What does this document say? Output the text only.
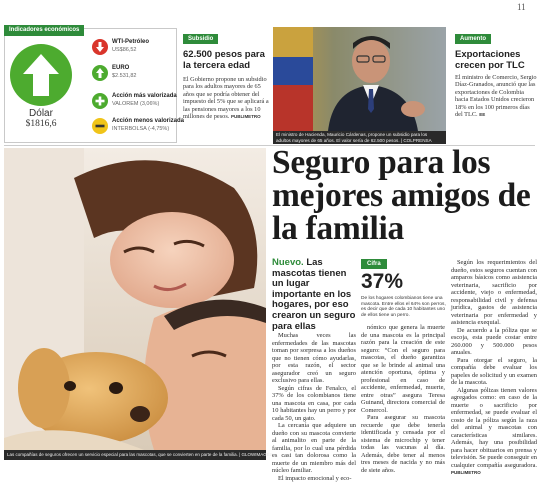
11
Indicadores económicos
Dólar
$1816,6
WTI-Petróleo
US$86,52
EURO
$2.531,82
Acción más valorizada
VALOREM (3,06%)
Acción menos valorizada
INTERBOLSA (-4,75%)
Subsidio
62.500 pesos para la tercera edad
El Gobierno propone un subsidio para los adultos mayores de 65 años que se podría obtener del impuesto del 5% que se aplicará a las pensiones mayores a los 10 millones de pesos. PUBLIMETRO
El ministro de Hacienda, Mauricio Cárdenas, propone un subsidio para los adultos mayores de 65 años. El valor sería de 62.500 pesos. | COLPRENSA
Aumento
Exportaciones crecen por TLC
El ministro de Comercio, Sergio Díaz-Granados, anunció que las exportaciones de Colombia hacia Estados Unidos crecieron 18% en los 100 primeros días del TLC. EE
Las compañías de seguros ofrecen un servicio especial para las mascotas, que se convierten en parte de la familia. | GLOWIMAGES
Seguro para los mejores amigos de la familia
Nuevo. Las mascotas tienen un lugar importante en los hogares, por eso crearon un seguro para ellas
Cifra
37%
De los hogares colombianos tiene una mascota. Entre ellos el 64% son perros, es decir que de cada 10 habitantes uno de ellos tiene un perro.

Muchas veces las enfermedades de las mascotas toman por sorpresa a los dueños que no tienen cómo ayudarlas, por esta razón, el sector asegurador creó un seguro exclusivo para ellas.

Según cifras de Fenalco, el 37% de los colombianos tiene una mascota en casa, por cada 10 habitantes hay un perro y por cada 50, un gato.

La cercanía que adquiere un dueño con su mascota convierte al animalito en parte de la familia, por lo cual una pérdida es casi tan dolorosa como la muerte de un miembro más del núcleo familiar.

El impacto emocional y eco-

nómico que genera la muerte de una mascota es la principal razón para la creación de este seguro: “Con el seguro para mascotas, el dueño garantiza que se le brinde al animal una atención oportuna, óptima y profesional en caso de accidente, enfermedad, muerte, entre otras” asegura Teresa Guinand, directora comercial de Comercol.

Para asegurar su mascota recuerde que debe tenerla identificada y censada por el sistema de microchip y tener todas las vacunas al día. Además, debe tener al menos tres meses de nacida y no más de siete años.

Según los requerimientos del dueño, estos seguros cuentan con amparos básicos como asistencia veterinaria, sacrificio por accidente, viejo o enfermedad, responsabilidad civil y defensa jurídica, gastos de asistencia veterinaria por enfermedad y asistencia exequial.

De acuerdo a la póliza que se escoja, esta puede costar entre 260.000 y 500.000 pesos anuales.

Para otorgar el seguro, la compañía debe evaluar los papeles de solicitud y un examen de la mascota.

Algunas pólizas tienen valores agregados como: en caso de la muerte o sacrificio por enfermedad, se puede evaluar el costo de la póliza según la raza del animal y mascotas con características similares. Además, hay una posibilidad para hacer obituarios en prensa y televisión. Se puede conseguir en cualquier compañía aseguradora. PUBLIMETRO
